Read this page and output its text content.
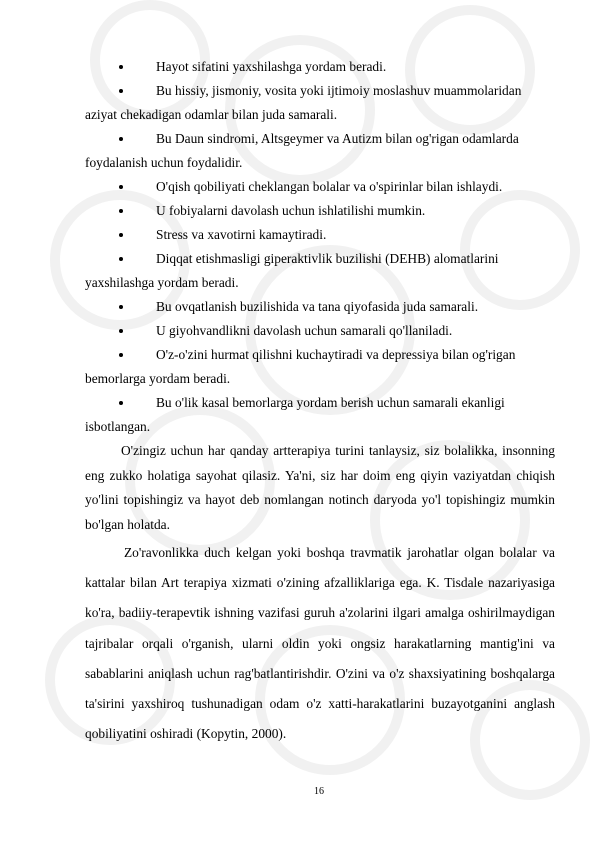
Hayot sifatini yaxshilashga yordam beradi.
Bu hissiy, jismoniy, vosita yoki ijtimoiy moslashuv muammolaridan aziyat chekadigan odamlar bilan juda samarali.
Bu Daun sindromi, Altsgeymer va Autizm bilan og'rigan odamlarda foydalanish uchun foydalidir.
O'qish qobiliyati cheklangan bolalar va o'spirinlar bilan ishlaydi.
U fobiyalarni davolash uchun ishlatilishi mumkin.
Stress va xavotirni kamaytiradi.
Diqqat etishmasligi giperaktivlik buzilishi (DEHB) alomatlarini yaxshilashga yordam beradi.
Bu ovqatlanish buzilishida va tana qiyofasida juda samarali.
U giyohvandlikni davolash uchun samarali qo'llaniladi.
O'z-o'zini hurmat qilishni kuchaytiradi va depressiya bilan og'rigan bemorlarga yordam beradi.
Bu o'lik kasal bemorlarga yordam berish uchun samarali ekanligi isbotlangan.

O'zingiz uchun har qanday artterapiya turini tanlaysiz, siz bolalikka, insonning eng zukko holatiga sayohat qilasiz. Ya'ni, siz har doim eng qiyin vaziyatdan chiqish yo'lini topishingiz va hayot deb nomlangan notinch daryoda yo'l topishingiz mumkin bo'lgan holatda.

Zo'ravonlikka duch kelgan yoki boshqa travmatik jarohatlar olgan bolalar va kattalar bilan Art terapiya xizmati o'zining afzalliklariga ega. K. Tisdale nazariyasiga ko'ra, badiiy-terapevtik ishning vazifasi guruh a'zolarini ilgari amalga oshirilmaydigan tajribalar orqali o'rganish, ularni oldin yoki ongsiz harakatlarning mantig'ini va sabablarini aniqlash uchun rag'batlantirishdir. O'zini va o'z shaxsiyatining boshqalarga ta'sirini yaxshiroq tushunadigan odam o'z xatti-harakatlarini buzayotganini anglash qobiliyatini oshiradi (Kopytin, 2000).

16
